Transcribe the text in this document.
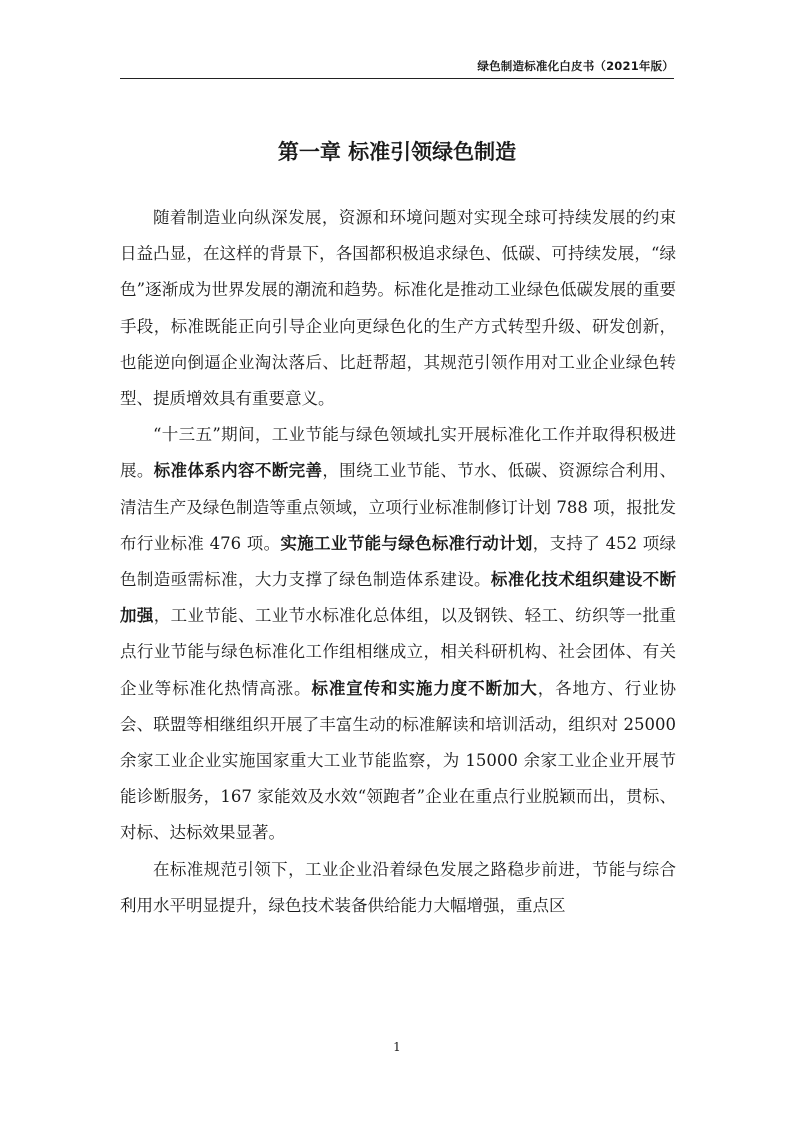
绿色制造标准化白皮书（2021年版）
第一章 标准引领绿色制造

随着制造业向纵深发展，资源和环境问题对实现全球可持续发展的约束日益凸显，在这样的背景下，各国都积极追求绿色、低碳、可持续发展，“绿色”逐渐成为世界发展的潮流和趋势。标准化是推动工业绿色低碳发展的重要手段，标准既能正向引导企业向更绿色化的生产方式转型升级、研发创新，也能逆向倒逼企业淘汰落后、比赶帮超，其规范引领作用对工业企业绿色转型、提质增效具有重要意义。

“十三五”期间，工业节能与绿色领域扎实开展标准化工作并取得积极进展。标准体系内容不断完善，围绕工业节能、节水、低碳、资源综合利用、清洁生产及绿色制造等重点领域，立项行业标准制修订计划 788 项，报批发布行业标准 476 项。实施工业节能与绿色标准行动计划，支持了 452 项绿色制造亟需标准，大力支撑了绿色制造体系建设。标准化技术组织建设不断加强，工业节能、工业节水标准化总体组，以及钢铁、轻工、纺织等一批重点行业节能与绿色标准化工作组相继成立，相关科研机构、社会团体、有关企业等标准化热情高涨。标准宣传和实施力度不断加大，各地方、行业协会、联盟等相继组织开展了丰富生动的标准解读和培训活动，组织对 25000 余家工业企业实施国家重大工业节能监察，为 15000 余家工业企业开展节能诊断服务，167 家能效及水效“领跑者”企业在重点行业脱颖而出，贯标、对标、达标效果显著。

在标准规范引领下，工业企业沿着绿色发展之路稳步前进，节能与综合利用水平明显提升，绿色技术装备供给能力大幅增强，重点区

1
